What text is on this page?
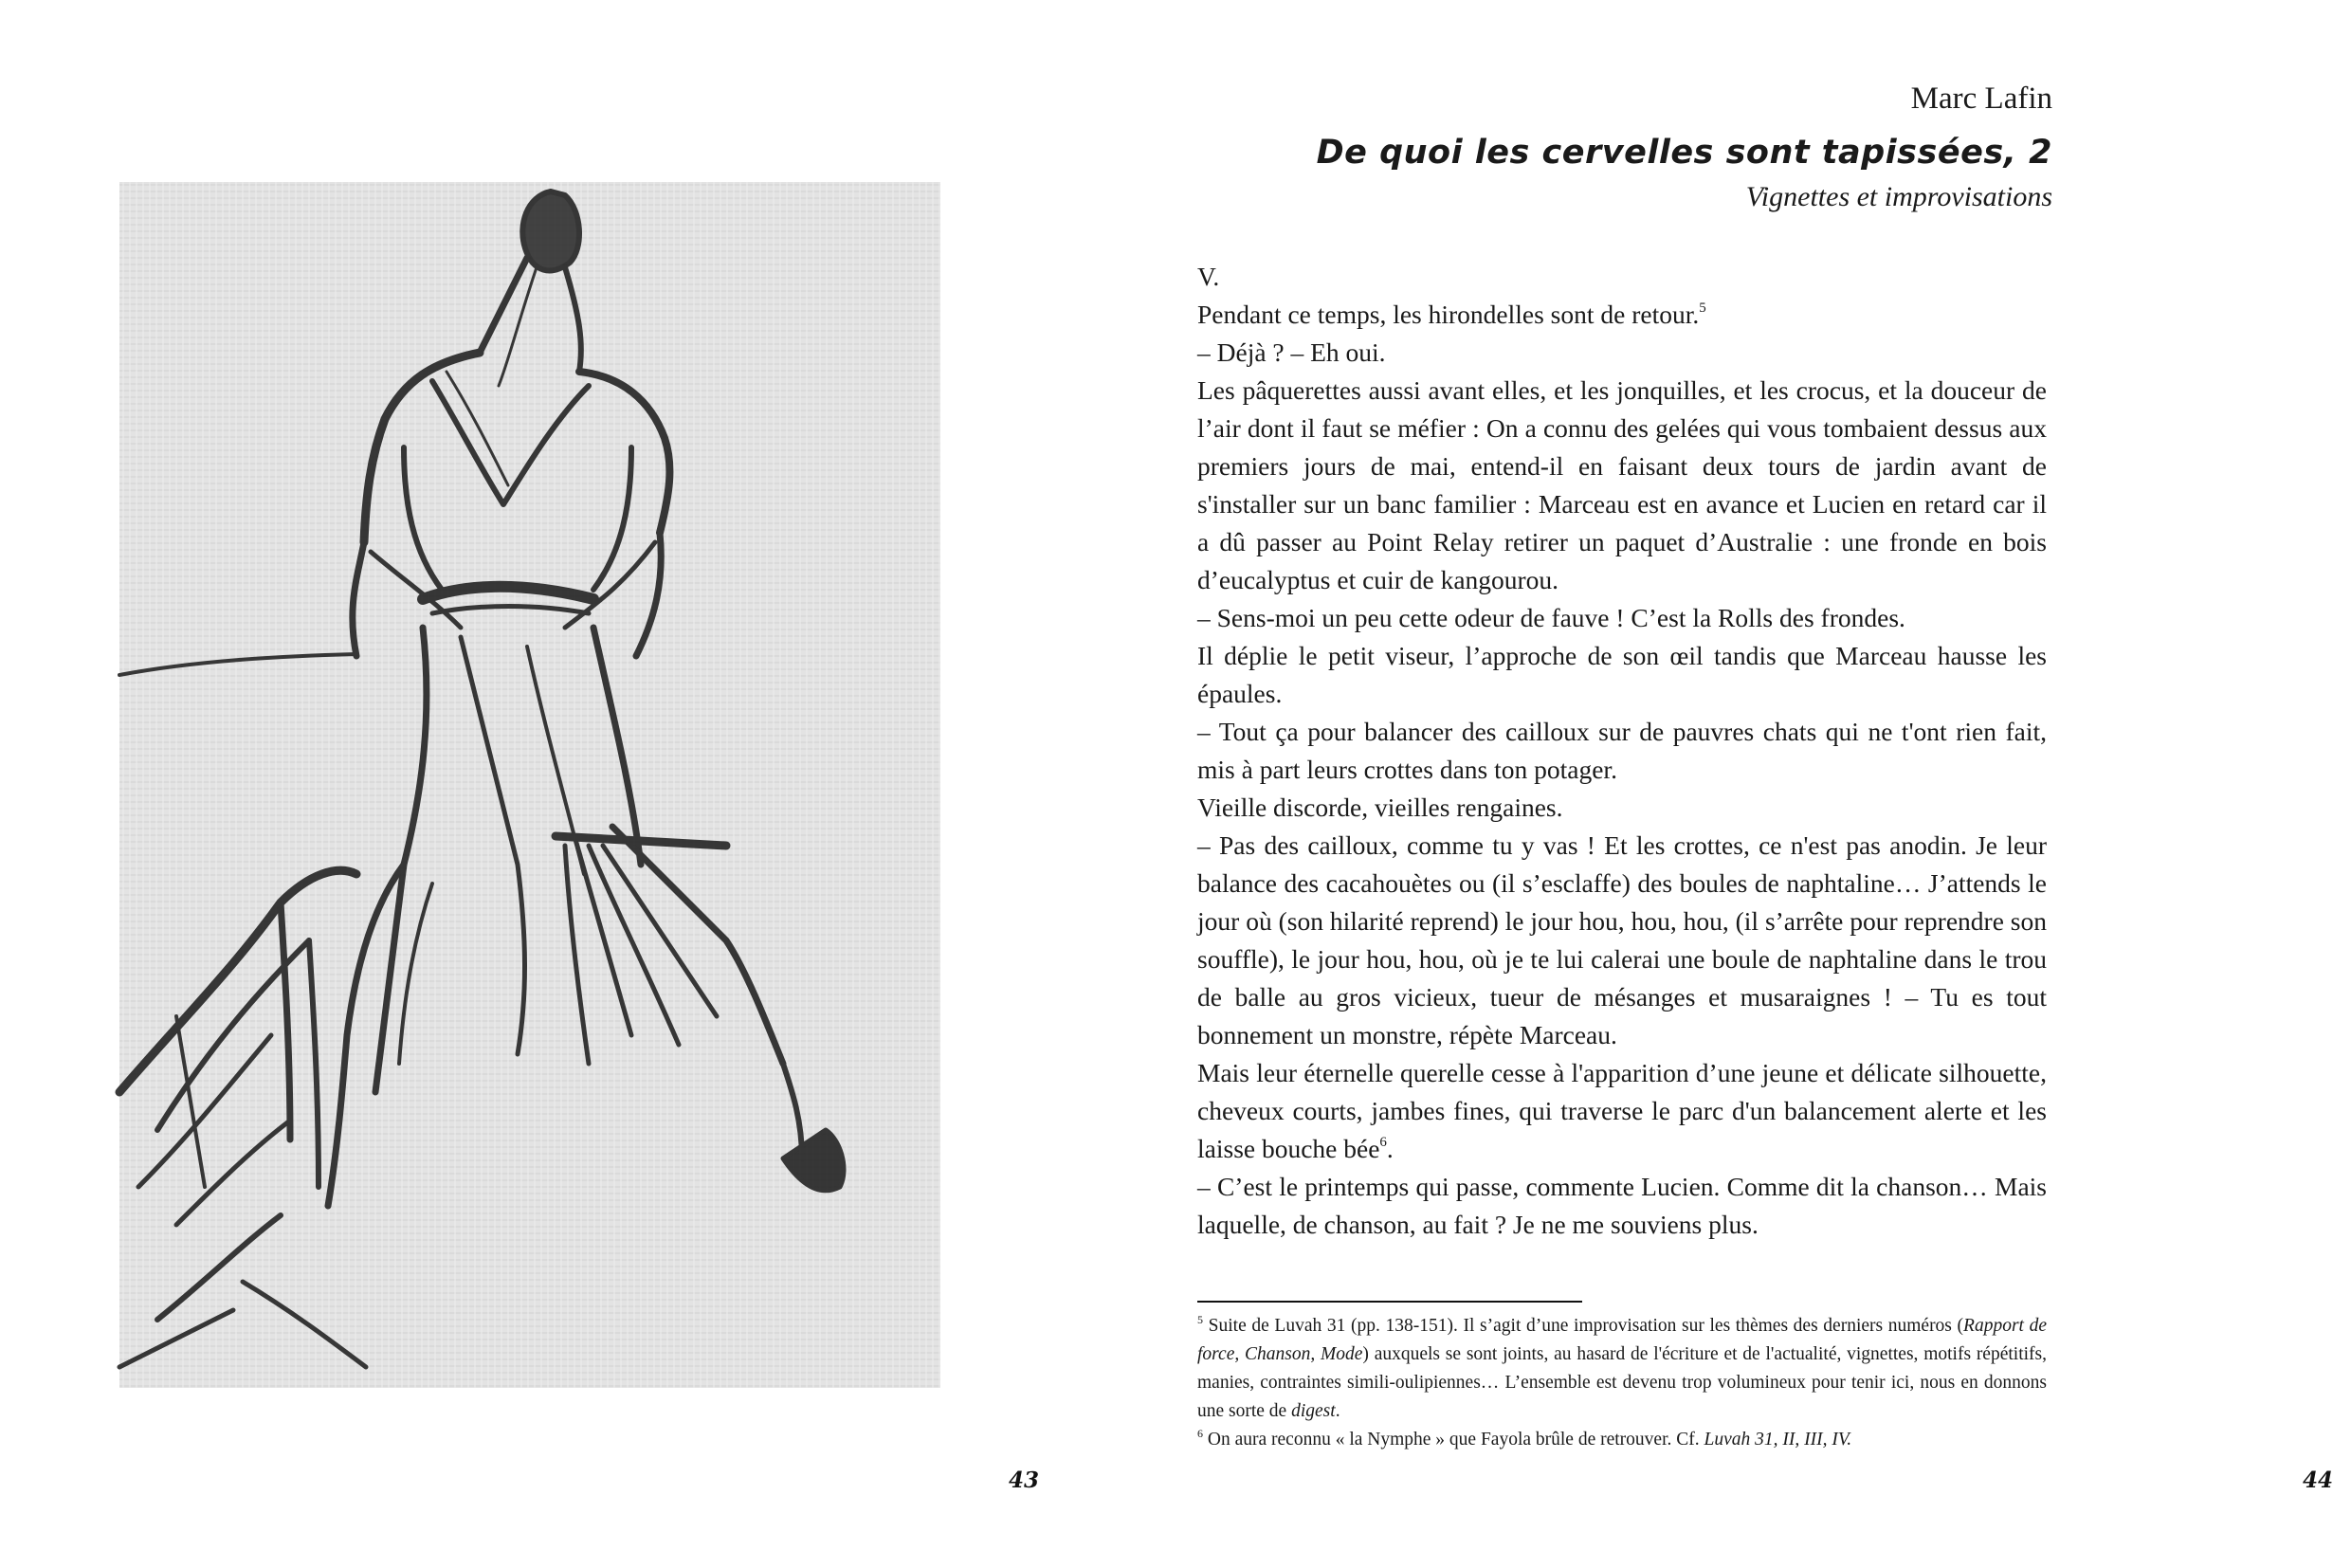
43
Marc Lafin
De quoi les cervelles sont tapissées, 2
Vignettes et improvisations

V.

Pendant ce temps, les hirondelles sont de retour.$^5$

– Déjà ? – Eh oui.

Les pâquerettes aussi avant elles, et les jonquilles, et les crocus, et la douceur de l’air dont il faut se méfier : On a connu des gelées qui vous tombaient dessus aux premiers jours de mai, entend-il en faisant deux tours de jardin avant de s'installer sur un banc familier : Marceau est en avance et Lucien en retard car il a dû passer au Point Relay retirer un paquet d’Australie : une fronde en bois d’eucalyptus et cuir de kangourou.

– Sens-moi un peu cette odeur de fauve ! C’est la Rolls des frondes.

Il déplie le petit viseur, l’approche de son œil tandis que Marceau hausse les épaules.

– Tout ça pour balancer des cailloux sur de pauvres chats qui ne t'ont rien fait, mis à part leurs crottes dans ton potager.

Vieille discorde, vieilles rengaines.

– Pas des cailloux, comme tu y vas ! Et les crottes, ce n'est pas anodin. Je leur balance des cacahouètes ou (il s’esclaffe) des boules de naphtaline… J’attends le jour où (son hilarité reprend) le jour hou, hou, hou, (il s’arrête pour reprendre son souffle), le jour hou, hou, où je te lui calerai une boule de naphtaline dans le trou de balle au gros vicieux, tueur de mésanges et musaraignes ! – Tu es tout bonnement un monstre, répète Marceau.

Mais leur éternelle querelle cesse à l'apparition d’une jeune et délicate silhouette, cheveux courts, jambes fines, qui traverse le parc d'un balancement alerte et les laisse bouche bée$^6$.

– C’est le printemps qui passe, commente Lucien. Comme dit la chanson… Mais laquelle, de chanson, au fait ? Je ne me souviens plus.

$^5$ Suite de Luvah 31 (pp. 138-151). Il s’agit d’une improvisation sur les thèmes des derniers numéros (Rapport de force, Chanson, Mode) auxquels se sont joints, au hasard de l'écriture et de l'actualité, vignettes, motifs répétitifs, manies, contraintes simili-oulipiennes… L’ensemble est devenu trop volumineux pour tenir ici, nous en donnons une sorte de digest.

$^6$ On aura reconnu « la Nymphe » que Fayola brûle de retrouver. Cf. Luvah 31, II, III, IV.

44
